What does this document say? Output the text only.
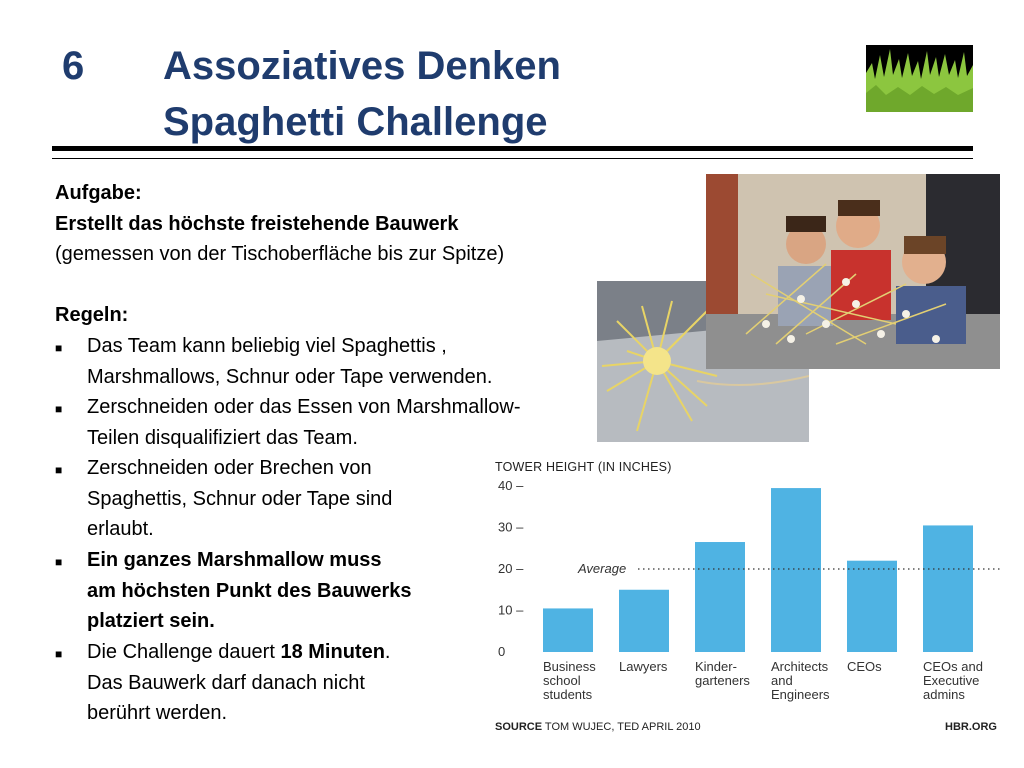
6 Assoziatives Denken
Spaghetti Challenge
Aufgabe:
Erstellt das höchste freistehende Bauwerk
(gemessen von der Tischoberfläche bis zur Spitze)
Regeln:
■	Das Team kann beliebig viel Spaghettis ,
Marshmallows, Schnur oder Tape verwenden.
■	Zerschneiden oder das Essen von Marshmallow-
Teilen disqualifiziert das Team.
■	Zerschneiden oder Brechen von
Spaghettis, Schnur oder Tape sind
erlaubt.
■	Ein ganzes Marshmallow muss
am höchsten Punkt des Bauwerks
platziert sein.
■	Die Challenge dauert 18 Minuten.
Das Bauwerk darf danach nicht
berührt werden.
TOWER HEIGHT (IN INCHES)
0
10 –
20 –
30 –
40 –
Average
Business school students
Lawyers Kinder-garteners
Architects and Engineers
CEOs	CEOs and Executive admins
SOURCE TOM WUJEC, TED APRIL 2010	HBR.ORG
